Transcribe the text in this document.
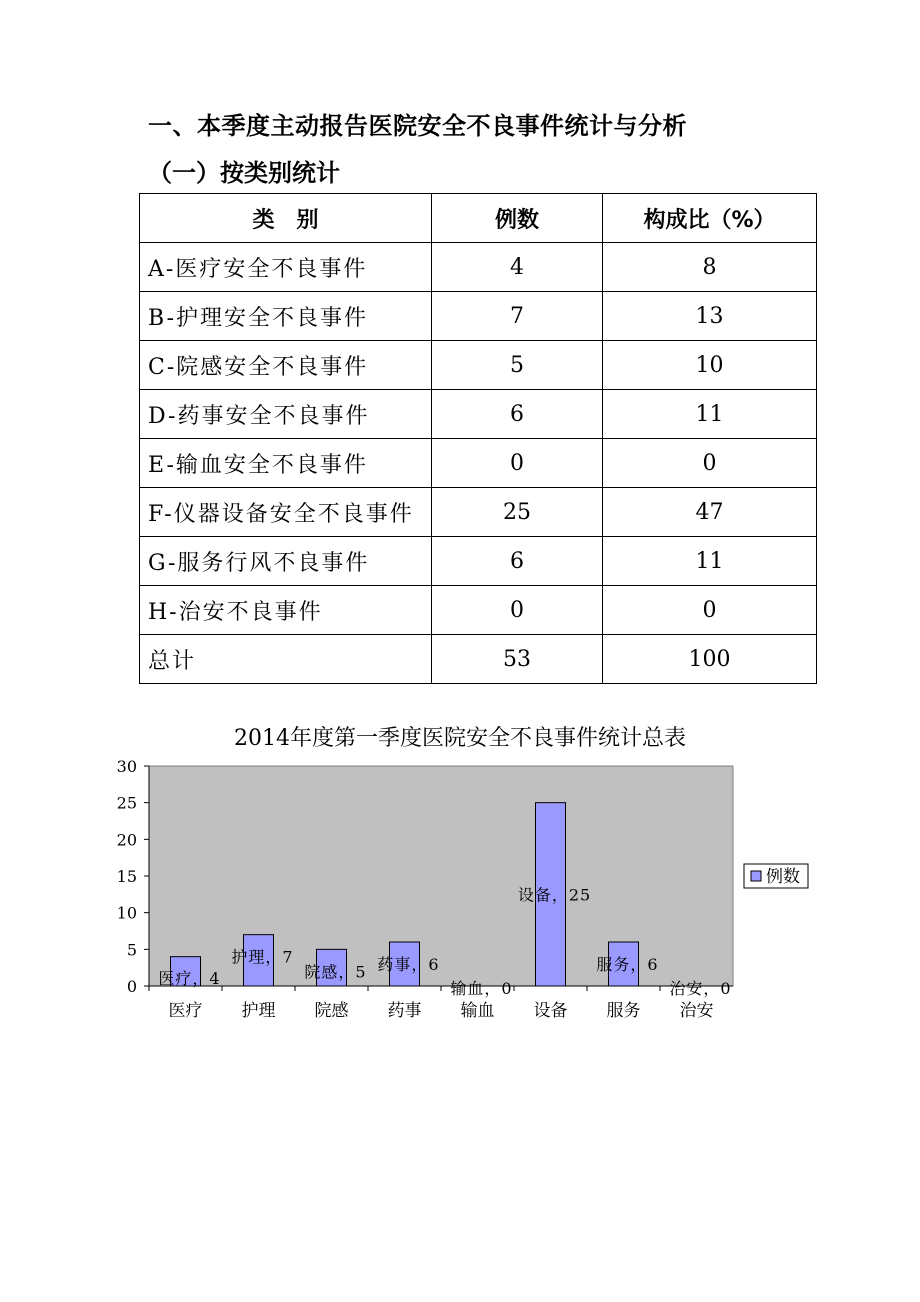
一、本季度主动报告医院安全不良事件统计与分析
（一）按类别统计
类　别	例数	构成比（%）
A-医疗安全不良事件	4	8
B-护理安全不良事件	7	13
C-院感安全不良事件	5	10
D-药事安全不良事件	6	11
E-输血安全不良事件	0	0
F-仪器设备安全不良事件	25	47
G-服务行风不良事件	6	11
H-治安不良事件	0	0
总计	53	100
2014年度第一季度医院安全不良事件统计总表
0
5
10
15
20
25
30
医疗
医疗，4
护理
护理，7
院感
院感，5
药事
药事，6
输血
输血，0
设备
设备，25
服务
服务，6
治安
治安，0
例数
